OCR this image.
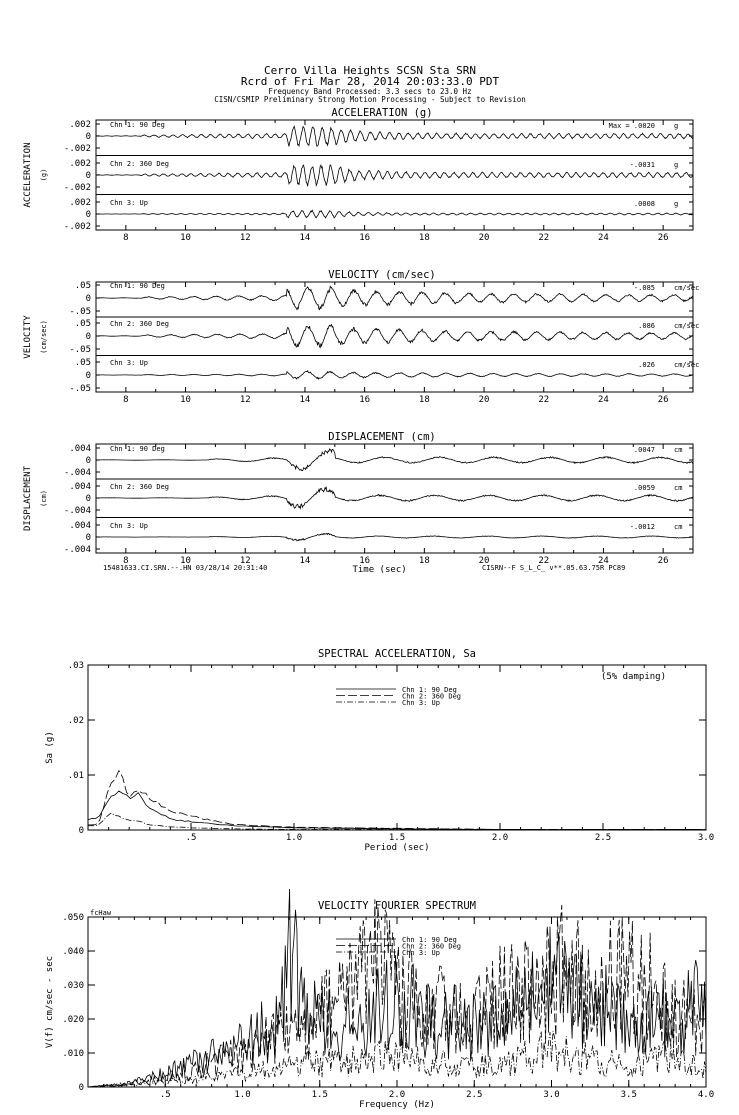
Cerro Villa Heights SCSN Sta SRN
Rcrd of Fri Mar 28, 2014 20:03:33.0 PDT
Frequency Band Processed: 3.3 secs to 23.0 Hz
CISN/CSMIP Preliminary Strong Motion Processing - Subject to Revision
ACCELERATION (g)
ACCELERATION (g)
8	10	12	14	16	18	20	22	24	26
.002
0
-.002
Chn 1: 90 Deg	Max = .0020	g
.002
0
-.002
Chn 2: 360 Deg	-.0031	g
.002
0
-.002
Chn 3: Up	.0008	g
VELOCITY (cm/sec)
VELOCITY (cm/sec)
8	10	12	14	16	18	20	22	24	26
.05
0
-.05
Chn 1: 90 Deg	-.085	cm/sec
.05
0
-.05
Chn 2: 360 Deg	.086	cm/sec
.05
0
-.05
Chn 3: Up	.026	cm/sec
DISPLACEMENT (cm)
DISPLACEMENT (cm)
8	10	12	14	16	18	20	22	24	26
Time (sec)
.004
0
-.004
Chn 1: 90 Deg	.0047	cm
.004
0
-.004
Chn 2: 360 Deg	.0059	cm
.004
0
-.004
Chn 3: Up	-.0012	cm
15481633.CI.SRN.--.HN 03/28/14 20:31:40	CISRN--F S_L_C_ v**.05.63.75R PC89
SPECTRAL ACCELERATION, Sa
.5	1.0	1.5	2.0	2.5	3.0
0
.01
.02
.03
Period (sec)
Sa (g)
(5% damping)
Chn 1: 90 Deg
Chn 2: 360 Deg
Chn 3: Up
VELOCITY FOURIER SPECTRUM
.5	1.0	1.5	2.0	2.5	3.0	3.5	4.0
0
.010
.020
.030
.040
.050
Frequency (Hz)
V(f) cm/sec - sec
fcHaw
Chn 1: 90 Deg
Chn 2: 360 Deg
Chn 3: Up
